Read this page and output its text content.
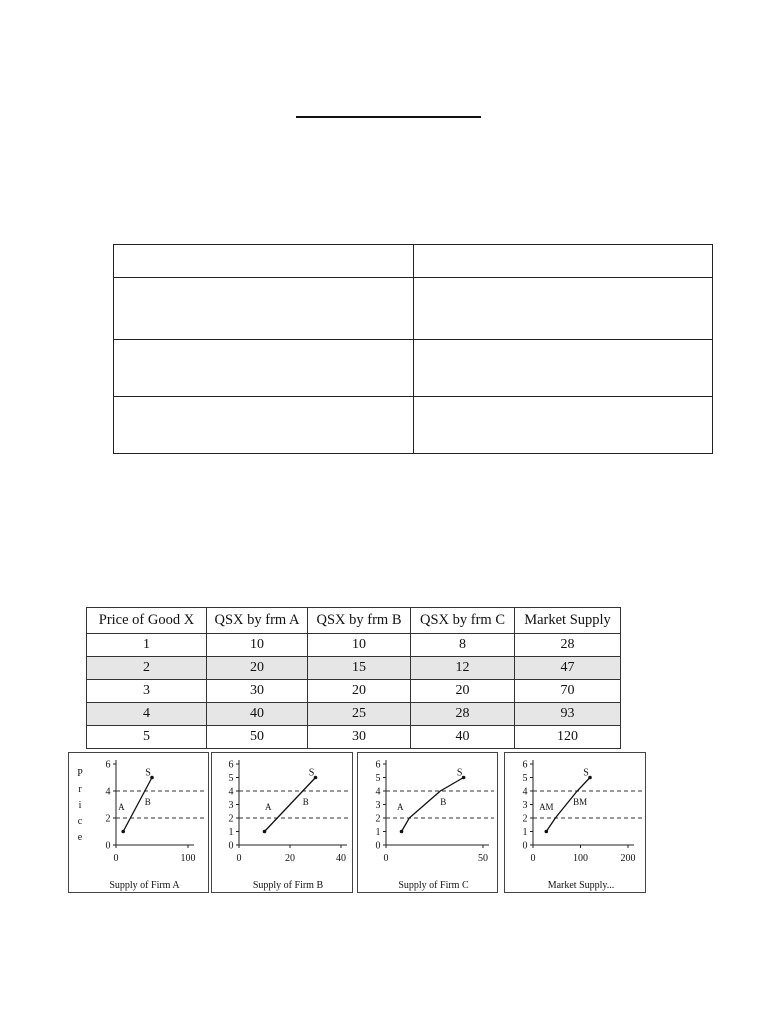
Price of Good X	QSX by frm A	QSX by frm B	QSX by frm C	Market Supply
1	10	10	8	28
2	20	15	12	47
3	30	20	20	70
4	40	25	28	93
5	50	30	40	120
P
r
i
c
e
0
2
4
6
0	100
S
A B
Supply of Firm A
0
1
2
3
4
5
6
0	20	40
S
A	B
Supply of Firm B
0
1
2
3
4
5
6
0	50
S
A	B
Supply of Firm C
0
1
2
3
4
5
6
0	100	200
S
AM BM
Market Supply...
